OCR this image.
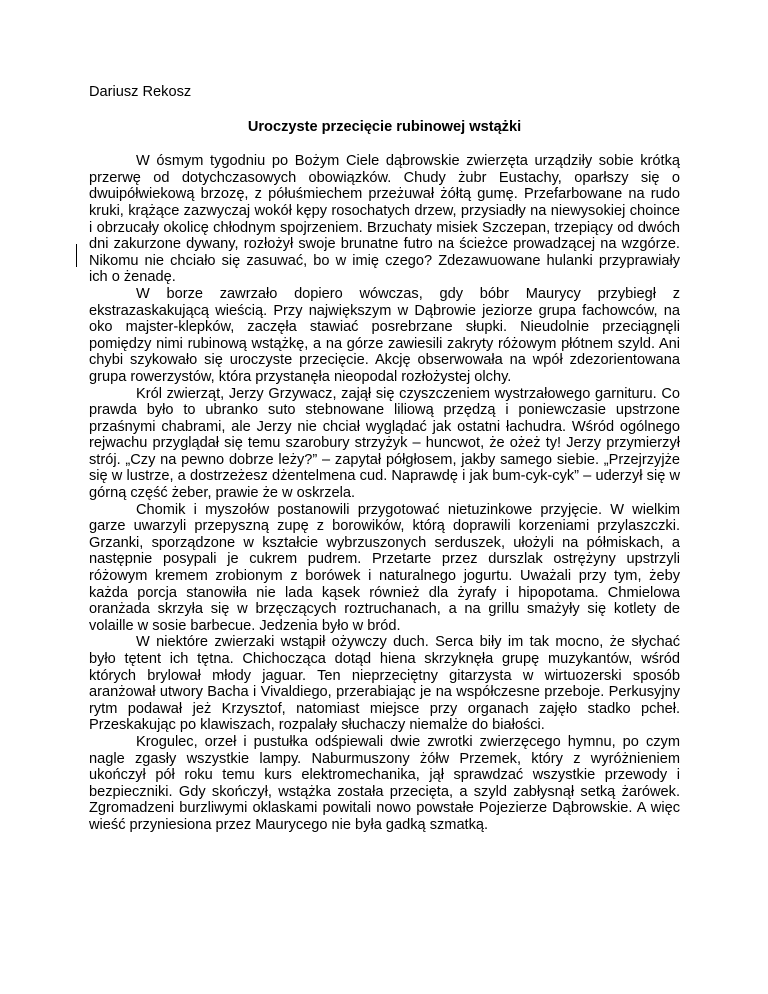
Dariusz Rekosz

Uroczyste przecięcie rubinowej wstążki

W ósmym tygodniu po Bożym Ciele dąbrowskie zwierzęta urządziły sobie krótką przerwę od dotychczasowych obowiązków. Chudy żubr Eustachy, oparłszy się o dwuipółwiekową brzozę, z półuśmiechem przeżuwał żółtą gumę. Przefarbowane na rudo kruki, krążące zazwyczaj wokół kępy rosochatych drzew, przysiadły na niewysokiej choince i obrzucały okolicę chłodnym spojrzeniem. Brzuchaty misiek Szczepan, trzepiący od dwóch dni zakurzone dywany, rozłożył swoje brunatne futro na ścieżce prowadzącej na wzgórze. Nikomu nie chciało się zasuwać, bo w imię czego? Zdezawuowane hulanki przyprawiały ich o żenadę.

W borze zawrzało dopiero wówczas, gdy bóbr Maurycy przybiegł z ekstrazaskakującą wieścią. Przy największym w Dąbrowie jeziorze grupa fachowców, na oko majster-klepków, zaczęła stawiać posrebrzane słupki. Nieudolnie przeciągnęli pomiędzy nimi rubinową wstążkę, a na górze zawiesili zakryty różowym płótnem szyld. Ani chybi szykowało się uroczyste przecięcie. Akcję obserwowała na wpół zdezorientowana grupa rowerzystów, która przystanęła nieopodal rozłożystej olchy.

Król zwierząt, Jerzy Grzywacz, zajął się czyszczeniem wystrzałowego garnituru. Co prawda było to ubranko suto stebnowane liliową przędzą i poniewczasie upstrzone przaśnymi chabrami, ale Jerzy nie chciał wyglądać jak ostatni łachudra. Wśród ogólnego rejwachu przyglądał się temu szarobury strzyżyk – huncwot, że ożeż ty! Jerzy przymierzył strój. „Czy na pewno dobrze leży?” – zapytał półgłosem, jakby samego siebie. „Przejrzyjże się w lustrze, a dostrzeżesz dżentelmena cud. Naprawdę i jak bum-cyk-cyk” – uderzył się w górną część żeber, prawie że w oskrzela.

Chomik i myszołów postanowili przygotować nietuzinkowe przyjęcie. W wielkim garze uwarzyli przepyszną zupę z borowików, którą doprawili korzeniami przylaszczki. Grzanki, sporządzone w kształcie wybrzuszonych serduszek, ułożyli na półmiskach, a następnie posypali je cukrem pudrem. Przetarte przez durszlak ostrężyny upstrzyli różowym kremem zrobionym z borówek i naturalnego jogurtu. Uważali przy tym, żeby każda porcja stanowiła nie lada kąsek również dla żyrafy i hipopotama. Chmielowa oranżada skrzyła się w brzęczących roztruchanach, a na grillu smażyły się kotlety de volaille w sosie barbecue. Jedzenia było w bród.

W niektóre zwierzaki wstąpił ożywczy duch. Serca biły im tak mocno, że słychać było tętent ich tętna. Chichocząca dotąd hiena skrzyknęła grupę muzykantów, wśród których brylował młody jaguar. Ten nieprzeciętny gitarzysta w wirtuozerski sposób aranżował utwory Bacha i Vivaldiego, przerabiając je na współczesne przeboje. Perkusyjny rytm podawał jeż Krzysztof, natomiast miejsce przy organach zajęło stadko pcheł. Przeskakując po klawiszach, rozpalały słuchaczy niemalże do białości.

Krogulec, orzeł i pustułka odśpiewali dwie zwrotki zwierzęcego hymnu, po czym nagle zgasły wszystkie lampy. Naburmuszony żółw Przemek, który z wyróżnieniem ukończył pół roku temu kurs elektromechanika, jął sprawdzać wszystkie przewody i bezpieczniki. Gdy skończył, wstążka została przecięta, a szyld zabłysnął setką żarówek. Zgromadzeni burzliwymi oklaskami powitali nowo powstałe Pojezierze Dąbrowskie. A więc wieść przyniesiona przez Maurycego nie była gadką szmatką.
